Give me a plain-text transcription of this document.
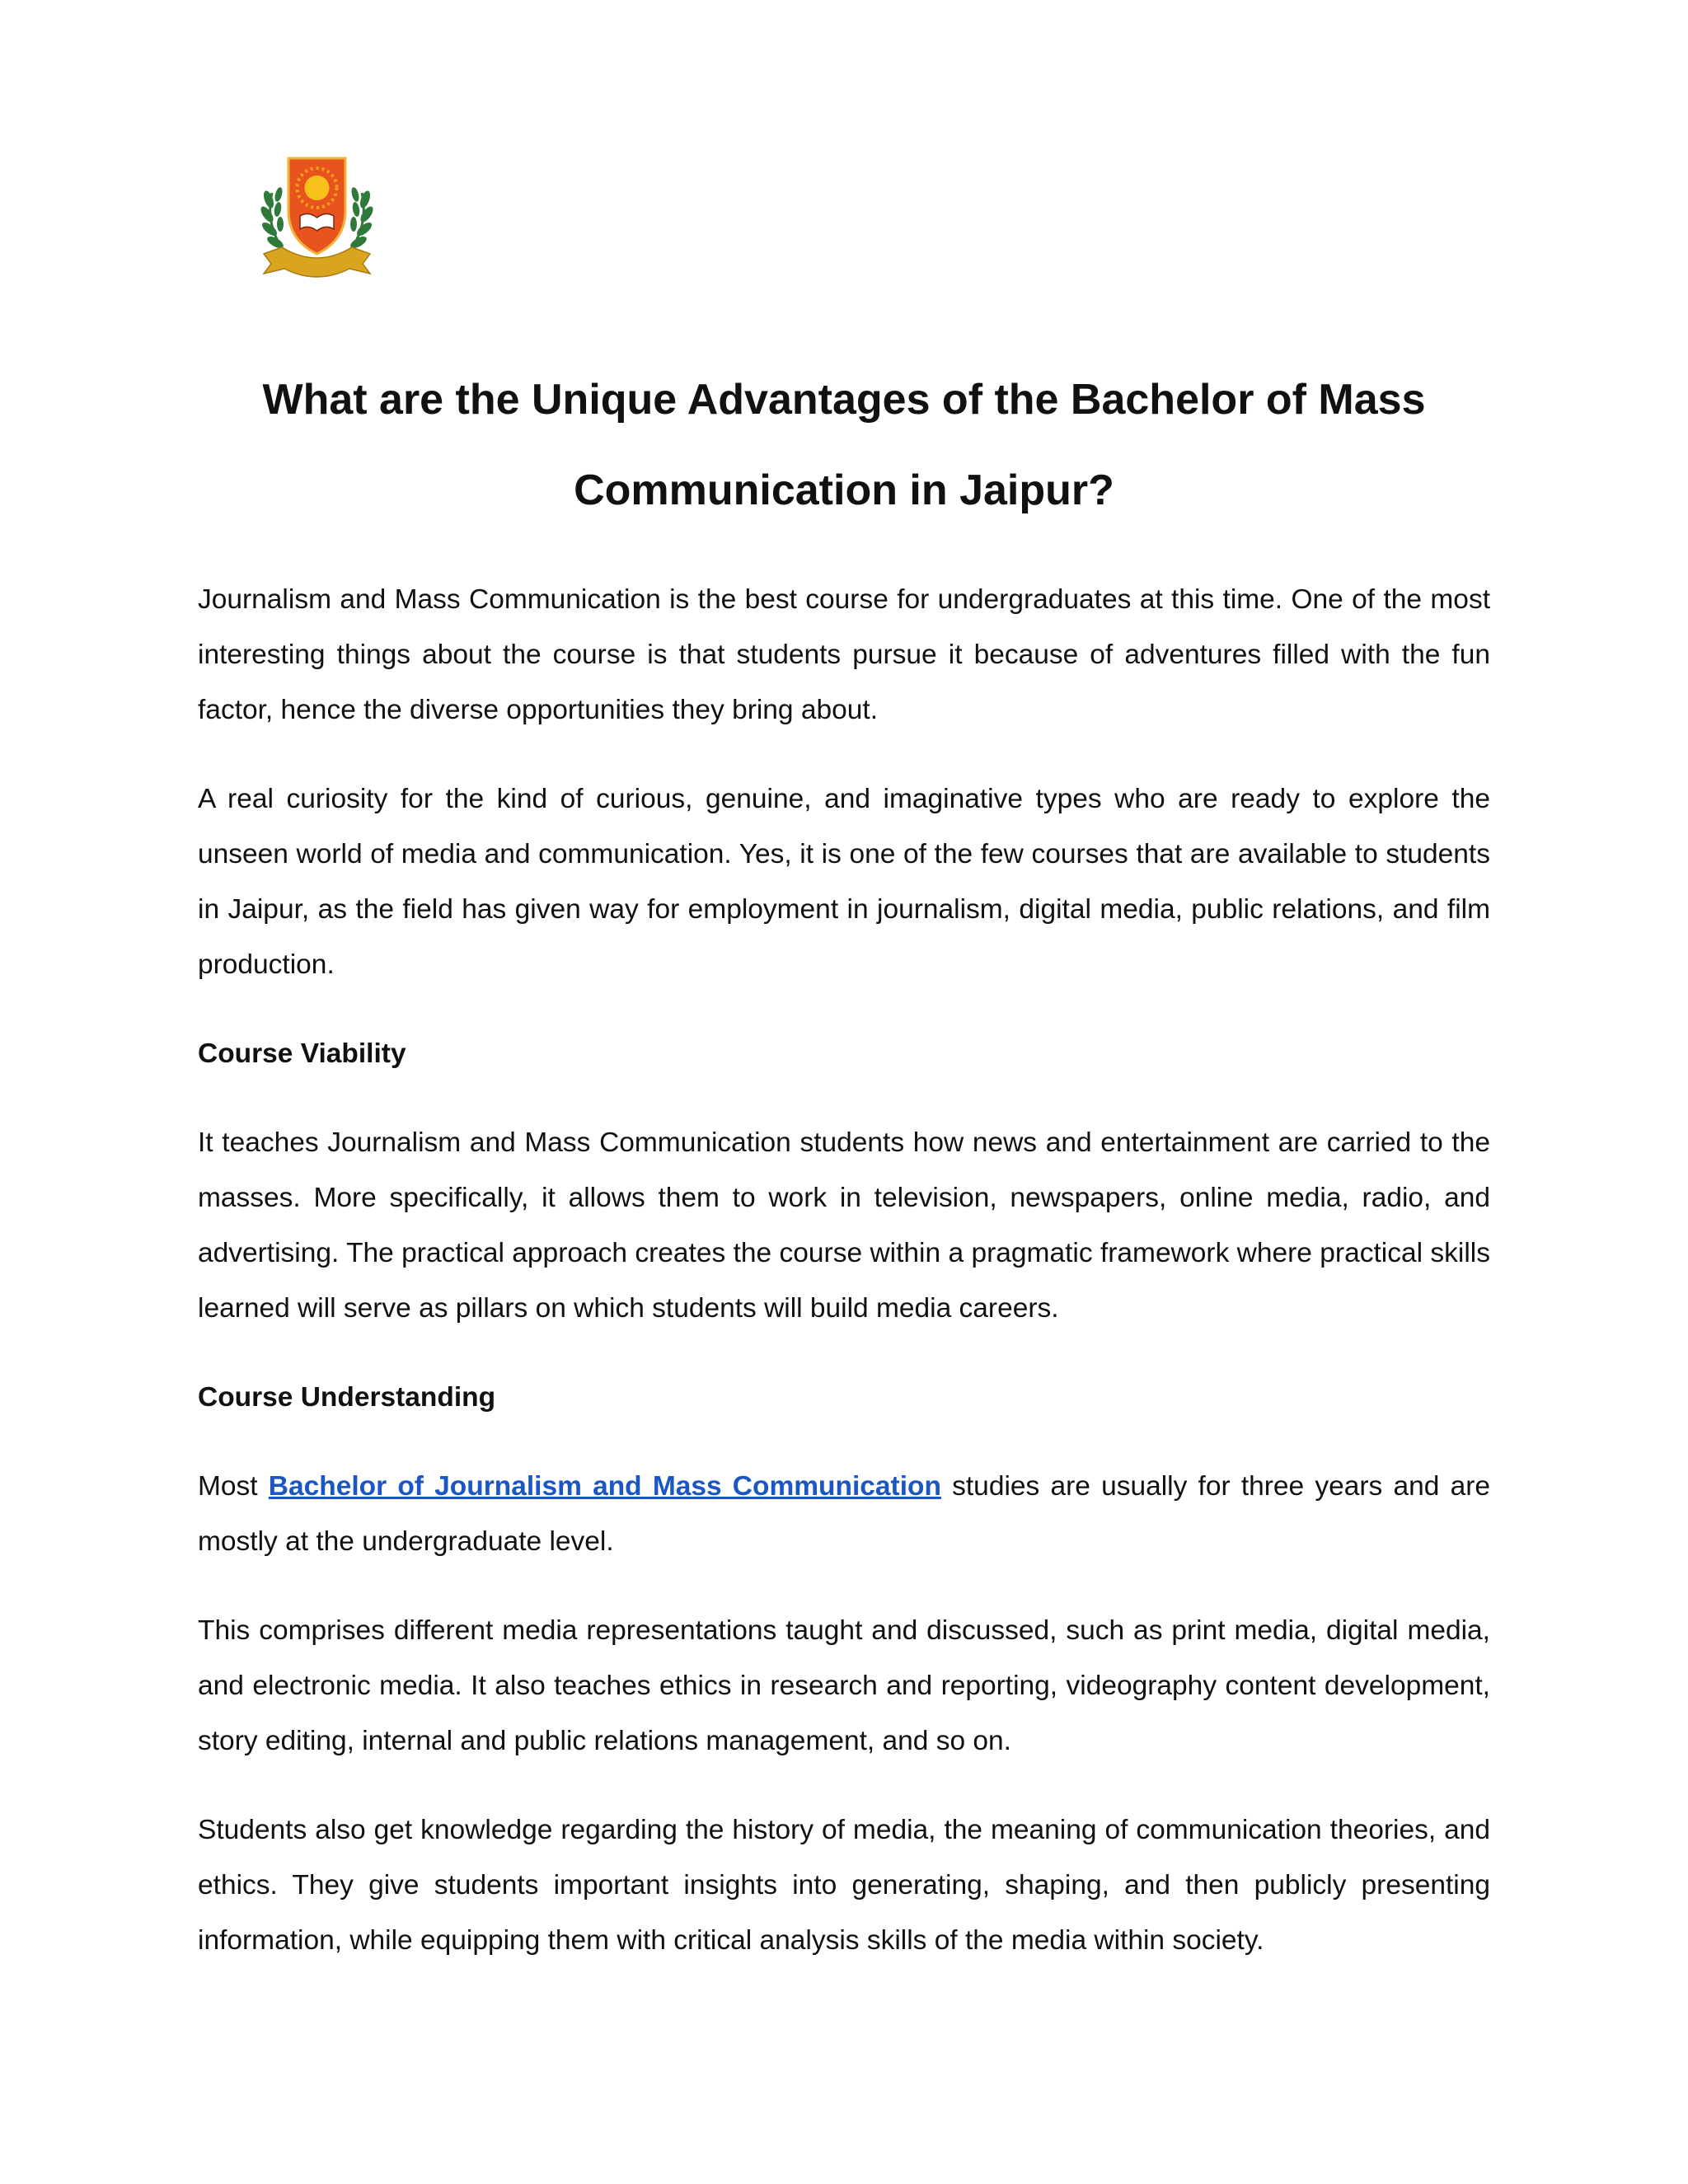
What are the Unique Advantages of the Bachelor of Mass Communication in Jaipur?

Journalism and Mass Communication is the best course for undergraduates at this time. One of the most interesting things about the course is that students pursue it because of adventures filled with the fun factor, hence the diverse opportunities they bring about.

A real curiosity for the kind of curious, genuine, and imaginative types who are ready to explore the unseen world of media and communication. Yes, it is one of the few courses that are available to students in Jaipur, as the field has given way for employment in journalism, digital media, public relations, and film production.

Course Viability

It teaches Journalism and Mass Communication students how news and entertainment are carried to the masses. More specifically, it allows them to work in television, newspapers, online media, radio, and advertising. The practical approach creates the course within a pragmatic framework where practical skills learned will serve as pillars on which students will build media careers.

Course Understanding

Most Bachelor of Journalism and Mass Communication studies are usually for three years and are mostly at the undergraduate level.

This comprises different media representations taught and discussed, such as print media, digital media, and electronic media. It also teaches ethics in research and reporting, videography content development, story editing, internal and public relations management, and so on.

Students also get knowledge regarding the history of media, the meaning of communication theories, and ethics. They give students important insights into generating, shaping, and then publicly presenting information, while equipping them with critical analysis skills of the media within society.
